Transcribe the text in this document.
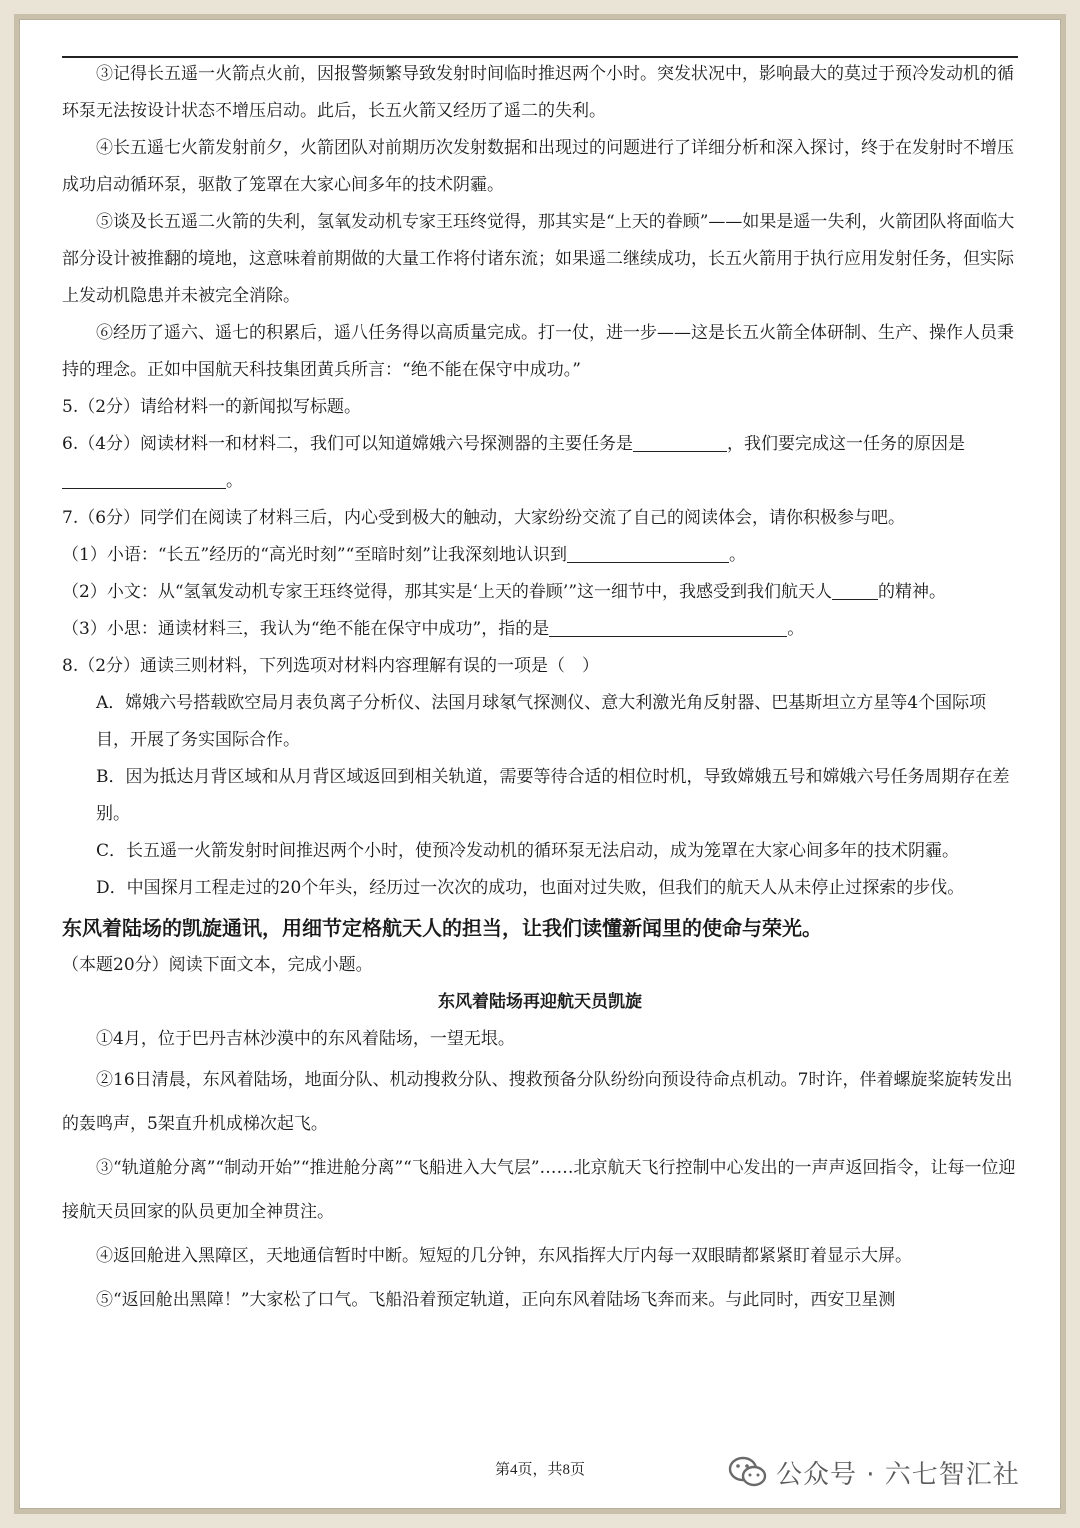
③记得长五遥一火箭点火前，因报警频繁导致发射时间临时推迟两个小时。突发状况中，影响最大的莫过于预冷发动机的循环泵无法按设计状态不增压启动。此后，长五火箭又经历了遥二的失利。

④长五遥七火箭发射前夕，火箭团队对前期历次发射数据和出现过的问题进行了详细分析和深入探讨，终于在发射时不增压成功启动循环泵，驱散了笼罩在大家心间多年的技术阴霾。

⑤谈及长五遥二火箭的失利，氢氧发动机专家王珏终觉得，那其实是“上天的眷顾”——如果是遥一失利，火箭团队将面临大部分设计被推翻的境地，这意味着前期做的大量工作将付诸东流；如果遥二继续成功，长五火箭用于执行应用发射任务，但实际上发动机隐患并未被完全消除。

⑥经历了遥六、遥七的积累后，遥八任务得以高质量完成。打一仗，进一步——这是长五火箭全体研制、生产、操作人员秉持的理念。正如中国航天科技集团黄兵所言：“绝不能在保守中成功。”

5.（2分）请给材料一的新闻拟写标题。

6.（4分）阅读材料一和材料二，我们可以知道嫦娥六号探测器的主要任务是	，我们要完成这一任务的原因是。

7.（6分）同学们在阅读了材料三后，内心受到极大的触动，大家纷纷交流了自己的阅读体会，请你积极参与吧。

（1）小语：“长五”经历的“高光时刻”“至暗时刻”让我深刻地认识到	。

（2）小文：从“氢氧发动机专家王珏终觉得，那其实是‘上天的眷顾’”这一细节中，我感受到我们航天人	的精神。

（3）小思：通读材料三，我认为“绝不能在保守中成功”，指的是	。

8.（2分）通读三则材料，下列选项对材料内容理解有误的一项是（　）

A．嫦娥六号搭载欧空局月表负离子分析仪、法国月球氡气探测仪、意大利激光角反射器、巴基斯坦立方星等4个国际项目，开展了务实国际合作。

B．因为抵达月背区域和从月背区域返回到相关轨道，需要等待合适的相位时机，导致嫦娥五号和嫦娥六号任务周期存在差别。

C．长五遥一火箭发射时间推迟两个小时，使预冷发动机的循环泵无法启动，成为笼罩在大家心间多年的技术阴霾。

D．中国探月工程走过的20个年头，经历过一次次的成功，也面对过失败，但我们的航天人从未停止过探索的步伐。

东风着陆场的凯旋通讯，用细节定格航天人的担当，让我们读懂新闻里的使命与荣光。

（本题20分）阅读下面文本，完成小题。

东风着陆场再迎航天员凯旋

①4月，位于巴丹吉林沙漠中的东风着陆场，一望无垠。

②16日清晨，东风着陆场，地面分队、机动搜救分队、搜救预备分队纷纷向预设待命点机动。7时许，伴着螺旋桨旋转发出的轰鸣声，5架直升机成梯次起飞。

③“轨道舱分离”“制动开始”“推进舱分离”“飞船进入大气层”……北京航天飞行控制中心发出的一声声返回指令，让每一位迎接航天员回家的队员更加全神贯注。

④返回舱进入黑障区，天地通信暂时中断。短短的几分钟，东风指挥大厅内每一双眼睛都紧紧盯着显示大屏。

⑤“返回舱出黑障！”大家松了口气。飞船沿着预定轨道，正向东风着陆场飞奔而来。与此同时，西安卫星测

第4页，共8页	公众号 · 六七智汇社
